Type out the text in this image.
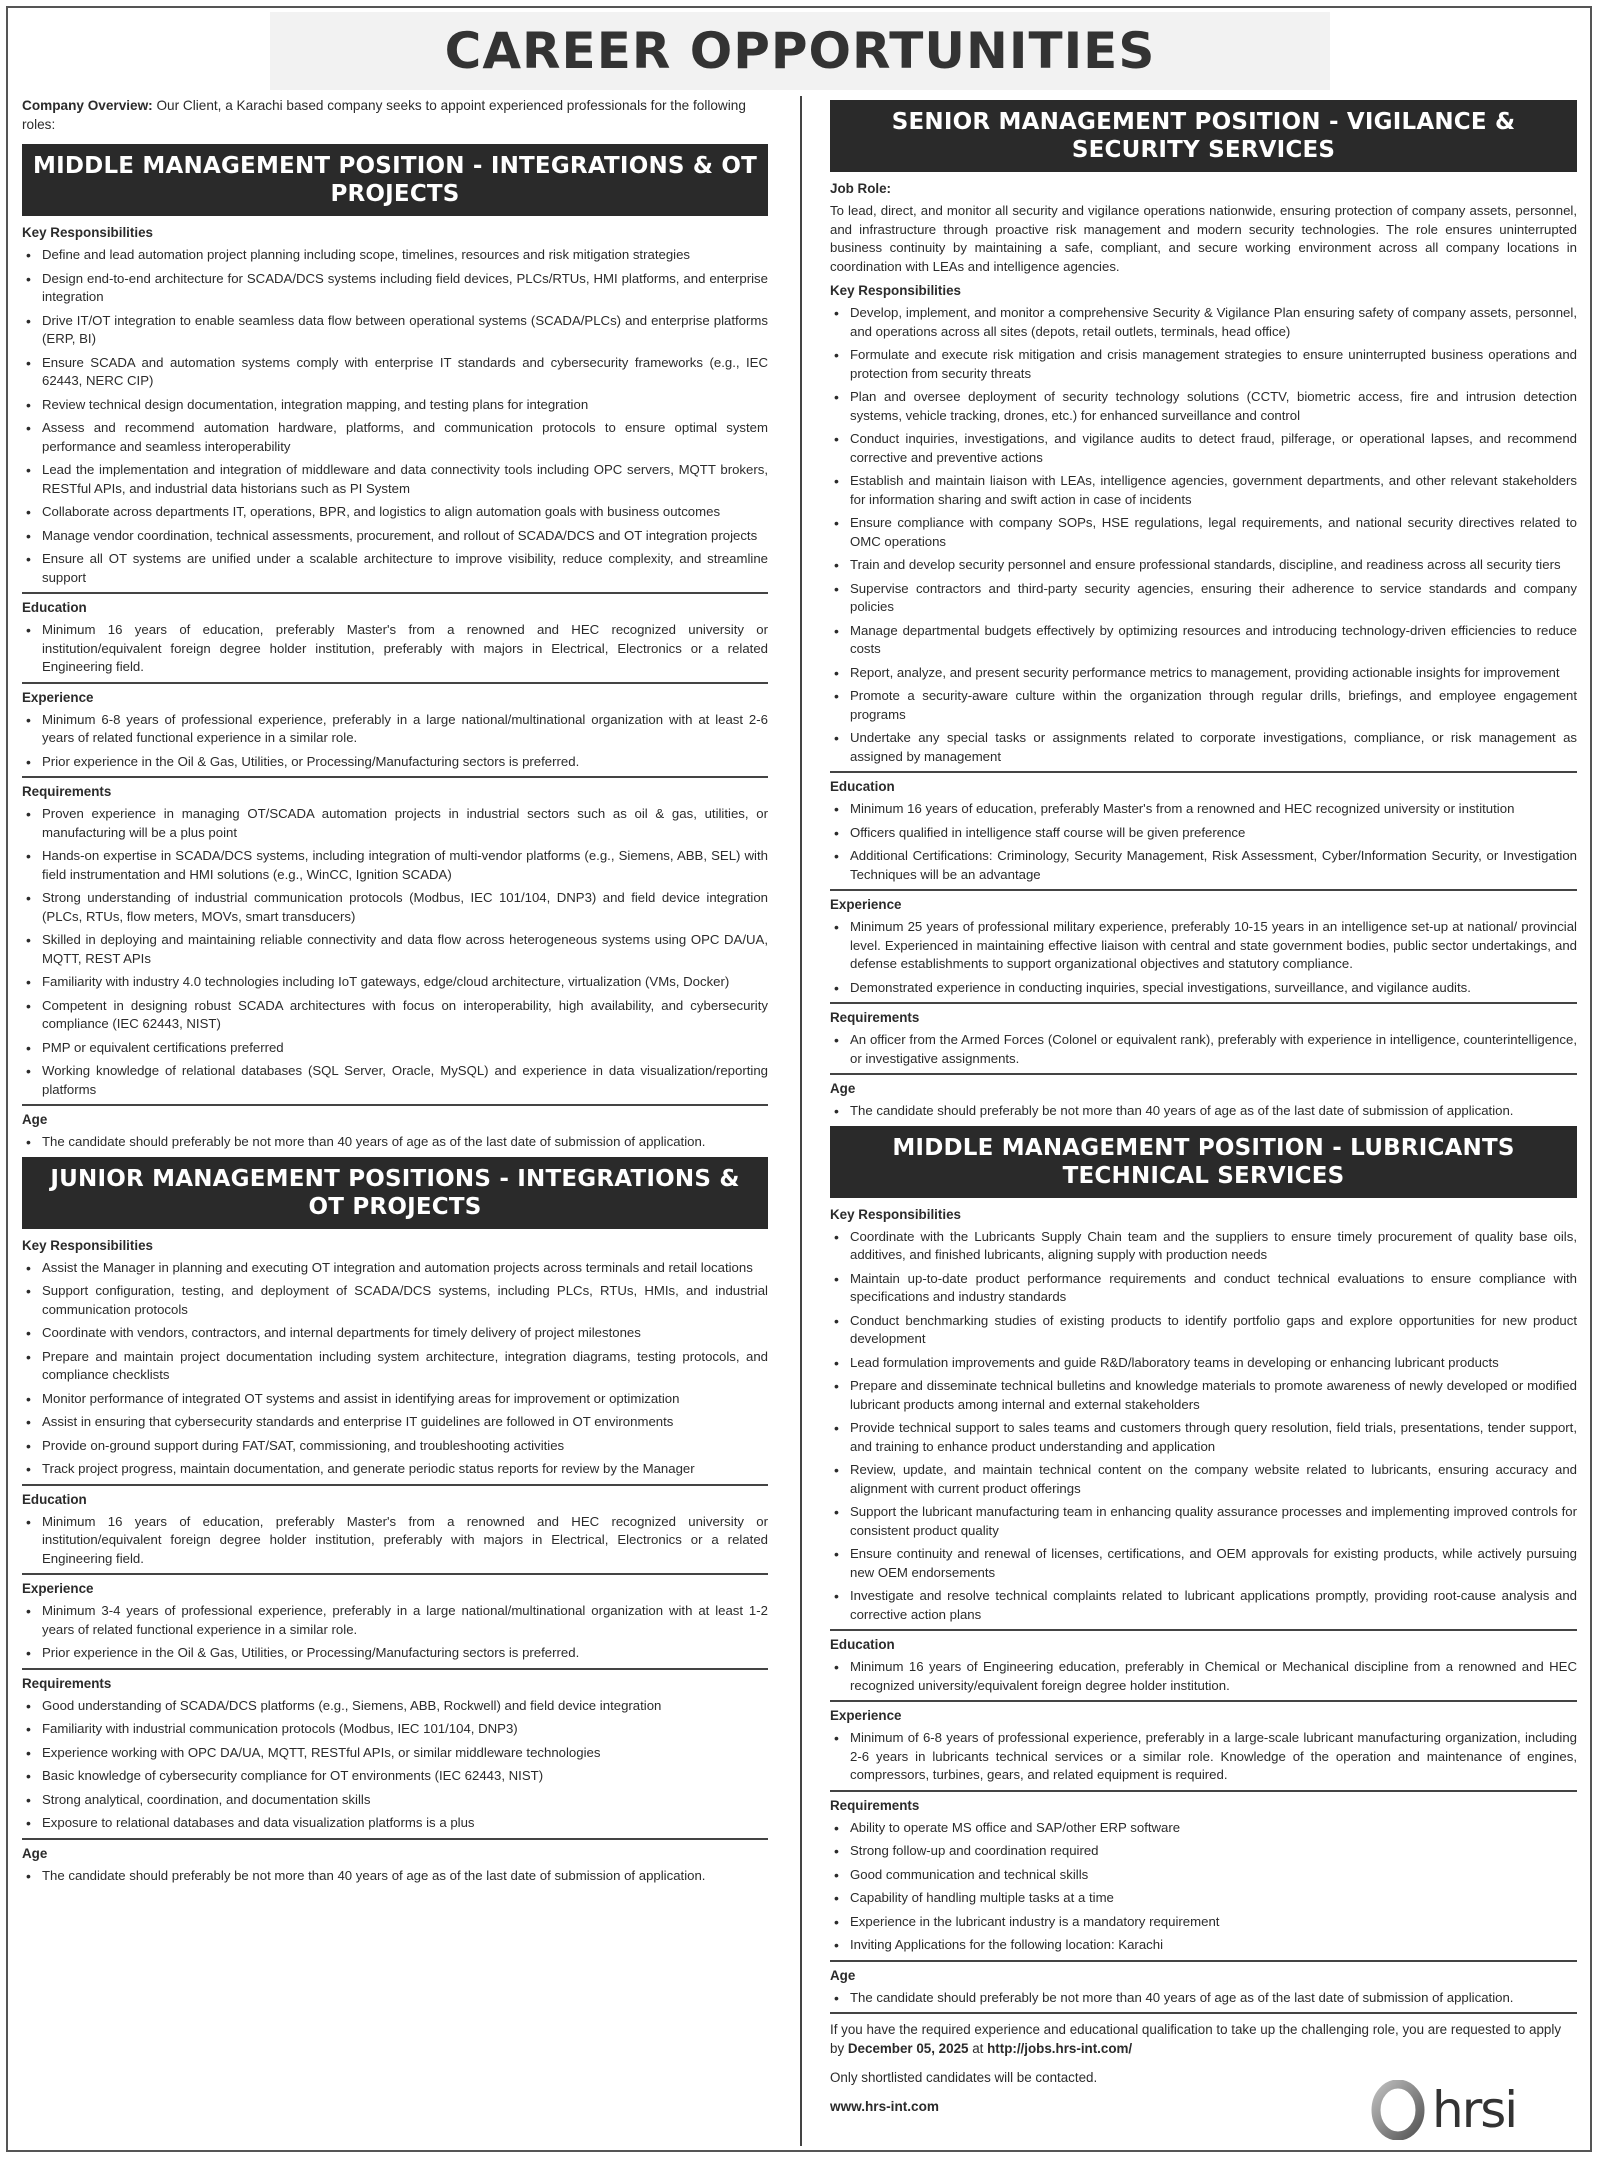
CAREER OPPORTUNITIES

Company Overview: Our Client, a Karachi based company seeks to appoint experienced professionals for the following roles:

MIDDLE MANAGEMENT POSITION - INTEGRATIONS & OT PROJECTS
Key Responsibilities
• Define and lead automation project planning including scope, timelines, resources and risk mitigation strategies
• Design end-to-end architecture for SCADA/DCS systems including field devices, PLCs/RTUs, HMI platforms, and enterprise integration
• Drive IT/OT integration to enable seamless data flow between operational systems (SCADA/PLCs) and enterprise platforms (ERP, BI)
• Ensure SCADA and automation systems comply with enterprise IT standards and cybersecurity frameworks (e.g., IEC 62443, NERC CIP)
• Review technical design documentation, integration mapping, and testing plans for integration
• Assess and recommend automation hardware, platforms, and communication protocols to ensure optimal system performance and seamless interoperability
• Lead the implementation and integration of middleware and data connectivity tools including OPC servers, MQTT brokers, RESTful APIs, and industrial data historians such as PI System
• Collaborate across departments IT, operations, BPR, and logistics to align automation goals with business outcomes
• Manage vendor coordination, technical assessments, procurement, and rollout of SCADA/DCS and OT integration projects
• Ensure all OT systems are unified under a scalable architecture to improve visibility, reduce complexity, and streamline support
Education
• Minimum 16 years of education, preferably Master's from a renowned and HEC recognized university or institution/equivalent foreign degree holder institution, preferably with majors in Electrical, Electronics or a related Engineering field.
Experience
• Minimum 6-8 years of professional experience, preferably in a large national/multinational organization with at least 2-6 years of related functional experience in a similar role.
• Prior experience in the Oil & Gas, Utilities, or Processing/Manufacturing sectors is preferred.
Requirements
• Proven experience in managing OT/SCADA automation projects in industrial sectors such as oil & gas, utilities, or manufacturing will be a plus point
• Hands-on expertise in SCADA/DCS systems, including integration of multi-vendor platforms (e.g., Siemens, ABB, SEL) with field instrumentation and HMI solutions (e.g., WinCC, Ignition SCADA)
• Strong understanding of industrial communication protocols (Modbus, IEC 101/104, DNP3) and field device integration (PLCs, RTUs, flow meters, MOVs, smart transducers)
• Skilled in deploying and maintaining reliable connectivity and data flow across heterogeneous systems using OPC DA/UA, MQTT, REST APIs
• Familiarity with industry 4.0 technologies including IoT gateways, edge/cloud architecture, virtualization (VMs, Docker)
• Competent in designing robust SCADA architectures with focus on interoperability, high availability, and cybersecurity compliance (IEC 62443, NIST)
• PMP or equivalent certifications preferred
• Working knowledge of relational databases (SQL Server, Oracle, MySQL) and experience in data visualization/reporting platforms
Age
• The candidate should preferably be not more than 40 years of age as of the last date of submission of application.
JUNIOR MANAGEMENT POSITIONS - INTEGRATIONS & OT PROJECTS
Key Responsibilities
• Assist the Manager in planning and executing OT integration and automation projects across terminals and retail locations
• Support configuration, testing, and deployment of SCADA/DCS systems, including PLCs, RTUs, HMIs, and industrial communication protocols
• Coordinate with vendors, contractors, and internal departments for timely delivery of project milestones
• Prepare and maintain project documentation including system architecture, integration diagrams, testing protocols, and compliance checklists
• Monitor performance of integrated OT systems and assist in identifying areas for improvement or optimization
• Assist in ensuring that cybersecurity standards and enterprise IT guidelines are followed in OT environments
• Provide on-ground support during FAT/SAT, commissioning, and troubleshooting activities
• Track project progress, maintain documentation, and generate periodic status reports for review by the Manager
Education
• Minimum 16 years of education, preferably Master's from a renowned and HEC recognized university or institution/equivalent foreign degree holder institution, preferably with majors in Electrical, Electronics or a related Engineering field.
Experience
• Minimum 3-4 years of professional experience, preferably in a large national/multinational organization with at least 1-2 years of related functional experience in a similar role.
• Prior experience in the Oil & Gas, Utilities, or Processing/Manufacturing sectors is preferred.
Requirements
• Good understanding of SCADA/DCS platforms (e.g., Siemens, ABB, Rockwell) and field device integration
• Familiarity with industrial communication protocols (Modbus, IEC 101/104, DNP3)
• Experience working with OPC DA/UA, MQTT, RESTful APIs, or similar middleware technologies
• Basic knowledge of cybersecurity compliance for OT environments (IEC 62443, NIST)
• Strong analytical, coordination, and documentation skills
• Exposure to relational databases and data visualization platforms is a plus
Age
• The candidate should preferably be not more than 40 years of age as of the last date of submission of application.
SENIOR MANAGEMENT POSITION - VIGILANCE & SECURITY SERVICES
Job Role:

To lead, direct, and monitor all security and vigilance operations nationwide, ensuring protection of company assets, personnel, and infrastructure through proactive risk management and modern security technologies. The role ensures uninterrupted business continuity by maintaining a safe, compliant, and secure working environment across all company locations in coordination with LEAs and intelligence agencies.

Key Responsibilities
• Develop, implement, and monitor a comprehensive Security & Vigilance Plan ensuring safety of company assets, personnel, and operations across all sites (depots, retail outlets, terminals, head office)
• Formulate and execute risk mitigation and crisis management strategies to ensure uninterrupted business operations and protection from security threats
• Plan and oversee deployment of security technology solutions (CCTV, biometric access, fire and intrusion detection systems, vehicle tracking, drones, etc.) for enhanced surveillance and control
• Conduct inquiries, investigations, and vigilance audits to detect fraud, pilferage, or operational lapses, and recommend corrective and preventive actions
• Establish and maintain liaison with LEAs, intelligence agencies, government departments, and other relevant stakeholders for information sharing and swift action in case of incidents
• Ensure compliance with company SOPs, HSE regulations, legal requirements, and national security directives related to OMC operations
• Train and develop security personnel and ensure professional standards, discipline, and readiness across all security tiers
• Supervise contractors and third-party security agencies, ensuring their adherence to service standards and company policies
• Manage departmental budgets effectively by optimizing resources and introducing technology-driven efficiencies to reduce costs
• Report, analyze, and present security performance metrics to management, providing actionable insights for improvement
• Promote a security-aware culture within the organization through regular drills, briefings, and employee engagement programs
• Undertake any special tasks or assignments related to corporate investigations, compliance, or risk management as assigned by management
Education
• Minimum 16 years of education, preferably Master's from a renowned and HEC recognized university or institution
• Officers qualified in intelligence staff course will be given preference
• Additional Certifications: Criminology, Security Management, Risk Assessment, Cyber/Information Security, or Investigation Techniques will be an advantage
Experience
• Minimum 25 years of professional military experience, preferably 10-15 years in an intelligence set-up at national/ provincial level. Experienced in maintaining effective liaison with central and state government bodies, public sector undertakings, and defense establishments to support organizational objectives and statutory compliance.
• Demonstrated experience in conducting inquiries, special investigations, surveillance, and vigilance audits.
Requirements
• An officer from the Armed Forces (Colonel or equivalent rank), preferably with experience in intelligence, counterintelligence, or investigative assignments.
Age
• The candidate should preferably be not more than 40 years of age as of the last date of submission of application.
MIDDLE MANAGEMENT POSITION - LUBRICANTS TECHNICAL SERVICES
Key Responsibilities
• Coordinate with the Lubricants Supply Chain team and the suppliers to ensure timely procurement of quality base oils, additives, and finished lubricants, aligning supply with production needs
• Maintain up-to-date product performance requirements and conduct technical evaluations to ensure compliance with specifications and industry standards
• Conduct benchmarking studies of existing products to identify portfolio gaps and explore opportunities for new product development
• Lead formulation improvements and guide R&D/laboratory teams in developing or enhancing lubricant products
• Prepare and disseminate technical bulletins and knowledge materials to promote awareness of newly developed or modified lubricant products among internal and external stakeholders
• Provide technical support to sales teams and customers through query resolution, field trials, presentations, tender support, and training to enhance product understanding and application
• Review, update, and maintain technical content on the company website related to lubricants, ensuring accuracy and alignment with current product offerings
• Support the lubricant manufacturing team in enhancing quality assurance processes and implementing improved controls for consistent product quality
• Ensure continuity and renewal of licenses, certifications, and OEM approvals for existing products, while actively pursuing new OEM endorsements
• Investigate and resolve technical complaints related to lubricant applications promptly, providing root-cause analysis and corrective action plans
Education
• Minimum 16 years of Engineering education, preferably in Chemical or Mechanical discipline from a renowned and HEC recognized university/equivalent foreign degree holder institution.
Experience
• Minimum of 6-8 years of professional experience, preferably in a large-scale lubricant manufacturing organization, including 2-6 years in lubricants technical services or a similar role. Knowledge of the operation and maintenance of engines, compressors, turbines, gears, and related equipment is required.
Requirements
• Ability to operate MS office and SAP/other ERP software
• Strong follow-up and coordination required
• Good communication and technical skills
• Capability of handling multiple tasks at a time
• Experience in the lubricant industry is a mandatory requirement
• Inviting Applications for the following location: Karachi
Age
• The candidate should preferably be not more than 40 years of age as of the last date of submission of application.

If you have the required experience and educational qualification to take up the challenging role, you are requested to apply by December 05, 2025 at http://jobs.hrs-int.com/

Only shortlisted candidates will be contacted.
www.hrs-int.com	hrsi
